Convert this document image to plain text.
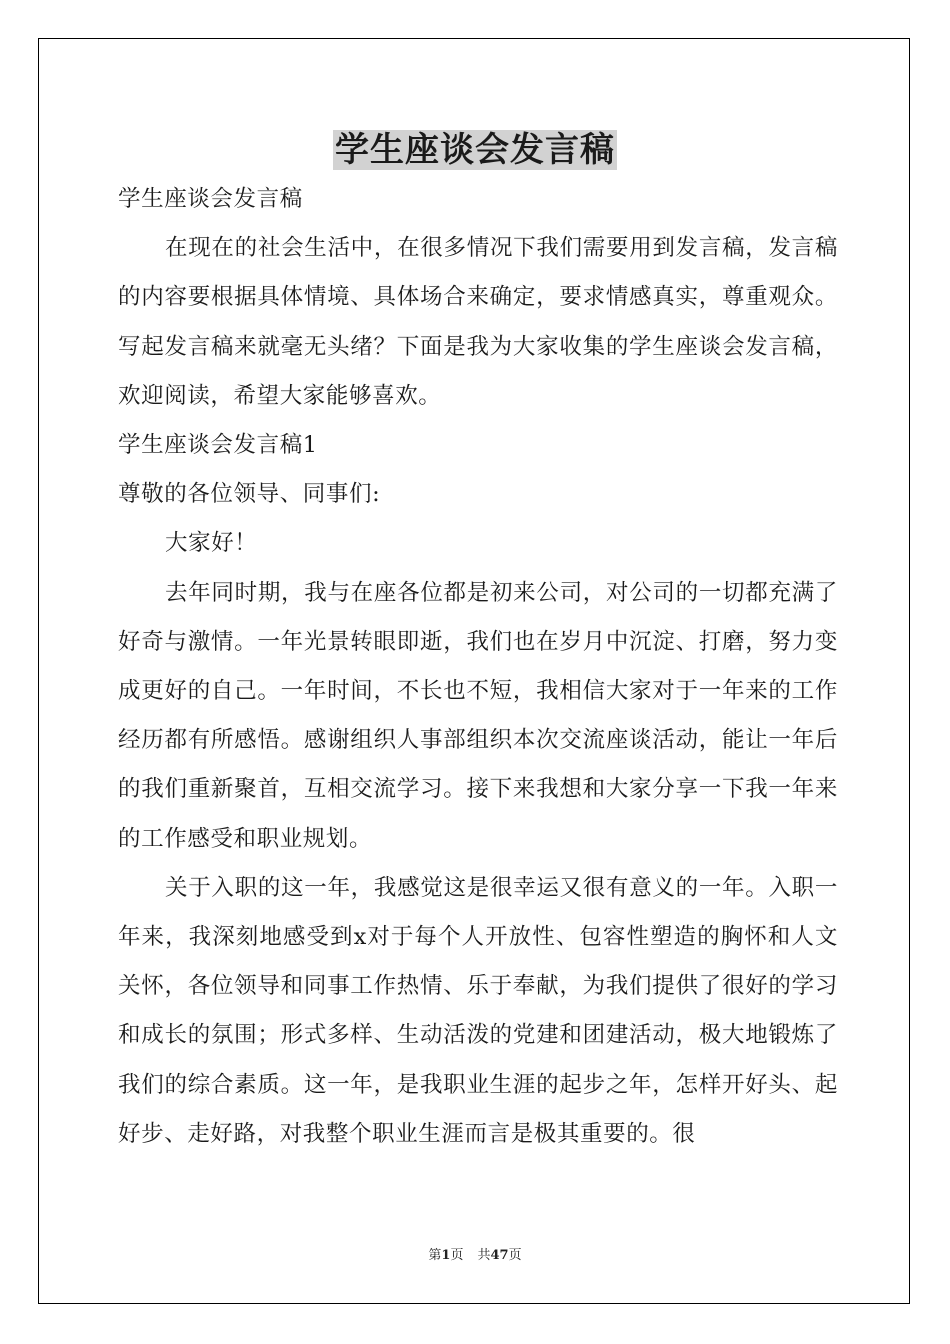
学生座谈会发言稿

学生座谈会发言稿

在现在的社会生活中，在很多情况下我们需要用到发言稿，发言稿的内容要根据具体情境、具体场合来确定，要求情感真实，尊重观众。写起发言稿来就毫无头绪？下面是我为大家收集的学生座谈会发言稿，欢迎阅读，希望大家能够喜欢。

学生座谈会发言稿1

尊敬的各位领导、同事们:

大家好！

去年同时期，我与在座各位都是初来公司，对公司的一切都充满了好奇与激情。一年光景转眼即逝，我们也在岁月中沉淀、打磨，努力变成更好的自己。一年时间，不长也不短，我相信大家对于一年来的工作经历都有所感悟。感谢组织人事部组织本次交流座谈活动，能让一年后的我们重新聚首，互相交流学习。接下来我想和大家分享一下我一年来的工作感受和职业规划。

关于入职的这一年，我感觉这是很幸运又很有意义的一年。入职一年来，我深刻地感受到x对于每个人开放性、包容性塑造的胸怀和人文关怀，各位领导和同事工作热情、乐于奉献，为我们提供了很好的学习和成长的氛围；形式多样、生动活泼的党建和团建活动，极大地锻炼了我们的综合素质。这一年，是我职业生涯的起步之年，怎样开好头、起好步、走好路，对我整个职业生涯而言是极其重要的。很

第1页 共47页
